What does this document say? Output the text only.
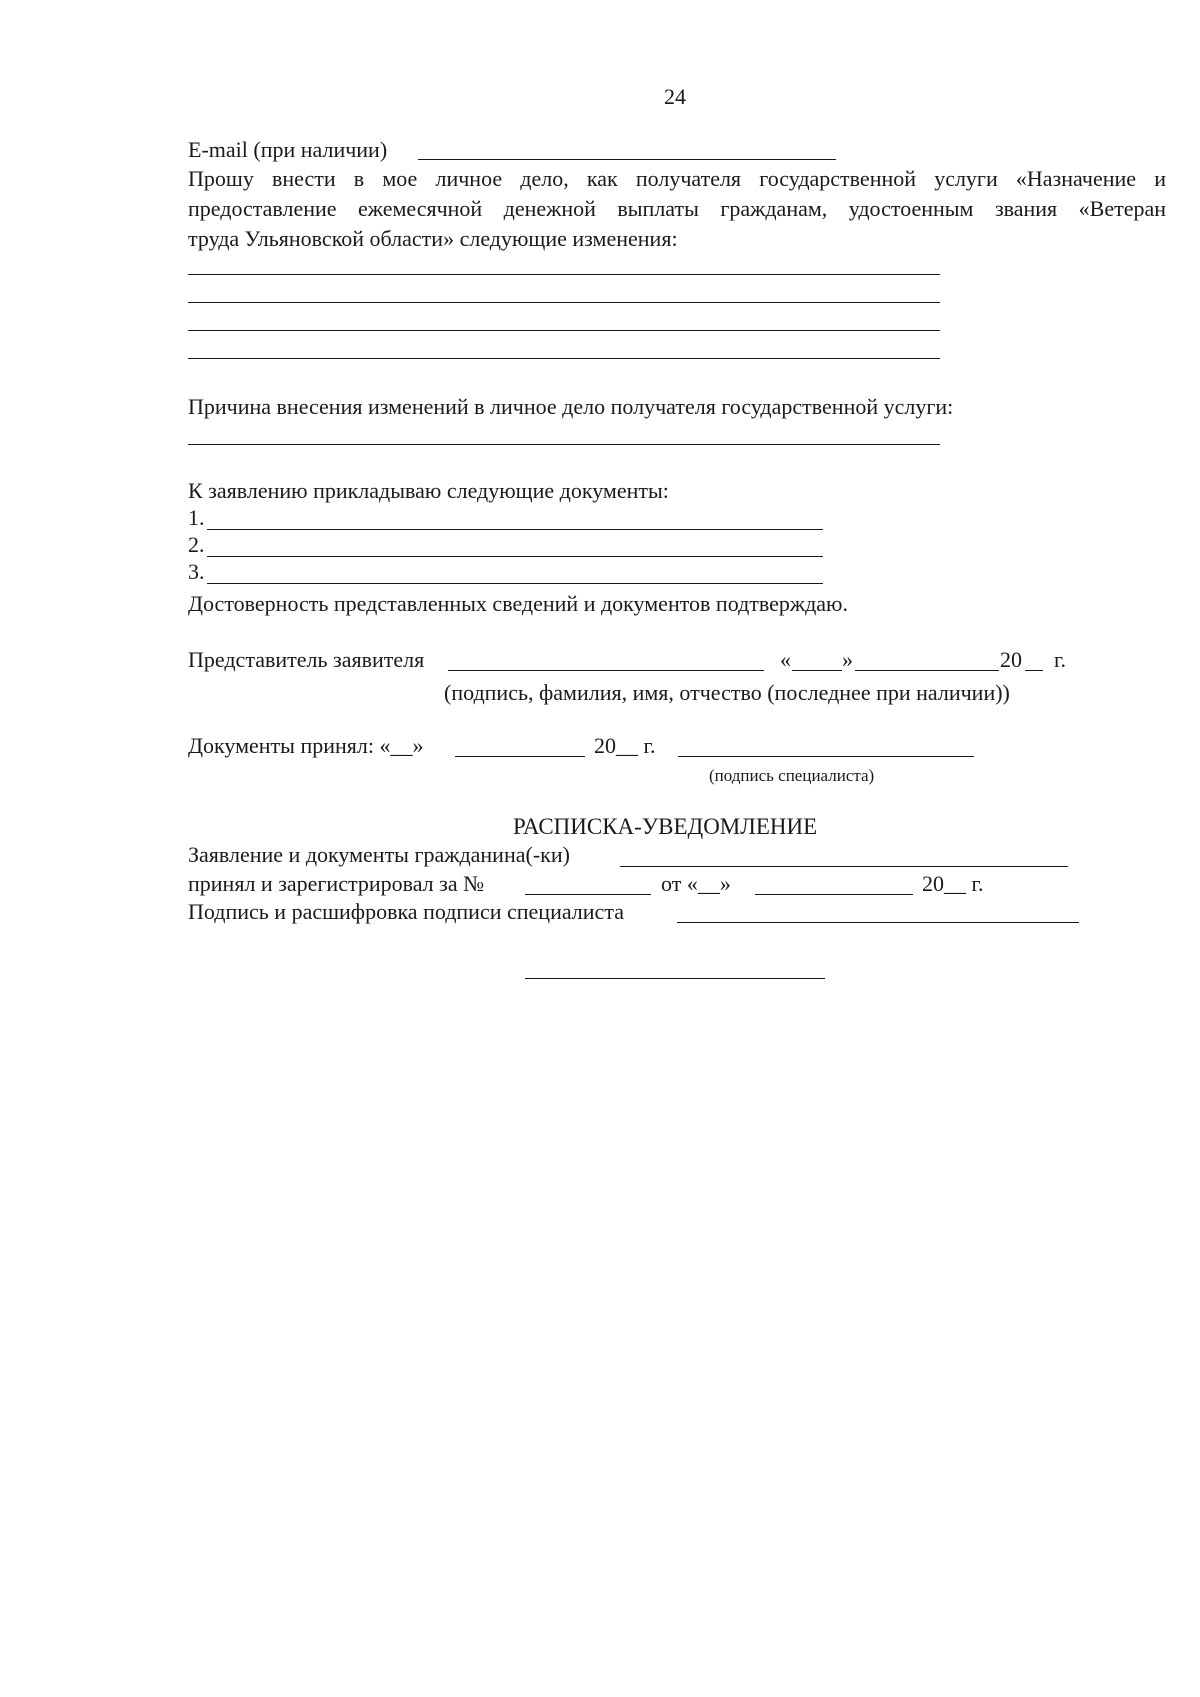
24
E-mail (при наличии)
Прошу внести в мое личное дело, как получателя государственной услуги «Назначение и
предоставление ежемесячной денежной выплаты гражданам, удостоенным звания «Ветеран
труда Ульяновской области» следующие изменения:
Причина внесения изменений в личное дело получателя государственной услуги:
К заявлению прикладываю следующие документы:
1.
2.
3.
Достоверность представленных сведений и документов подтверждаю.
Представитель заявителя	« »	20 г.
(подпись, фамилия, имя, отчество (последнее при наличии))
Документы принял: «__»	20__ г.
(подпись специалиста)
РАСПИСКА-УВЕДОМЛЕНИЕ
Заявление и документы гражданина(-ки)
принял и зарегистрировал за №	от «__»	20__ г.
Подпись и расшифровка подписи специалиста
